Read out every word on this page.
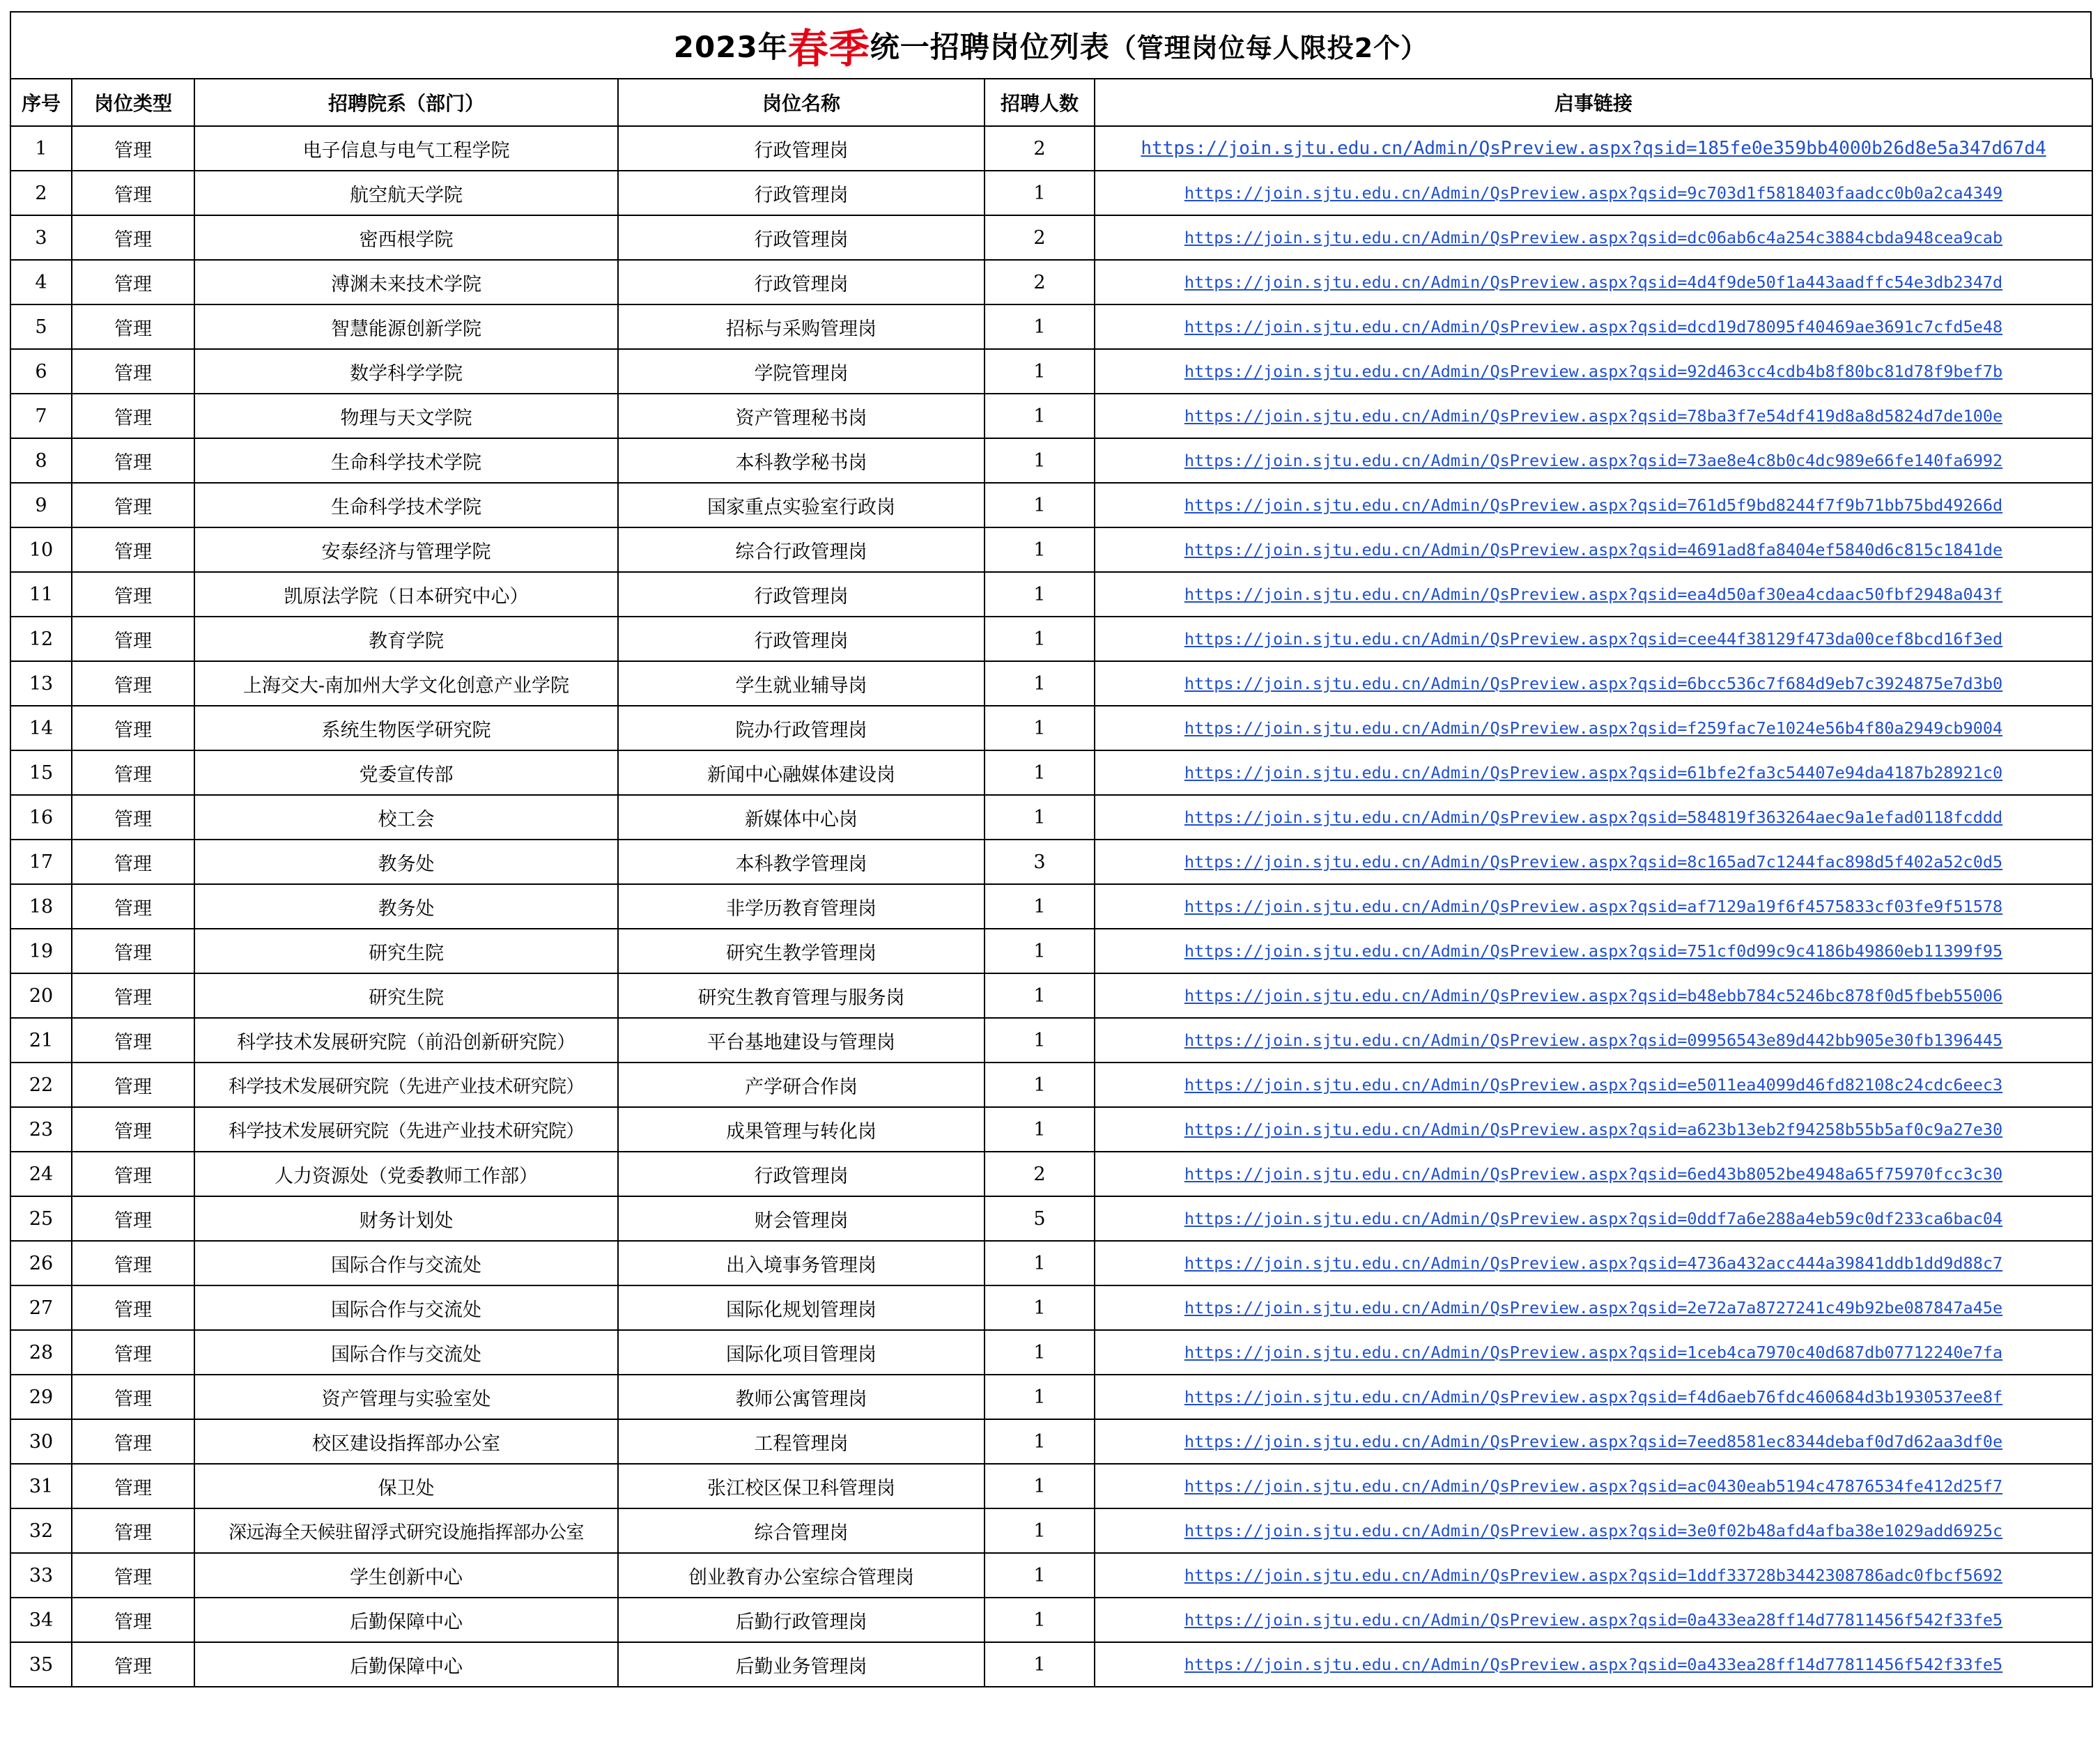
2023年 春季 统一招聘岗位列表 （管理岗位每人限投2个）
序号	岗位类型	招聘院系（部门）	岗位名称	招聘人数	启事链接
1	管理	电子信息与电气工程学院	行政管理岗	2	https://join.sjtu.edu.cn/Admin/QsPreview.aspx?qsid=185fe0e359bb4000b26d8e5a347d67d4
2	管理	航空航天学院	行政管理岗	1	https://join.sjtu.edu.cn/Admin/QsPreview.aspx?qsid=9c703d1f5818403faadcc0b0a2ca4349
3	管理	密西根学院	行政管理岗	2	https://join.sjtu.edu.cn/Admin/QsPreview.aspx?qsid=dc06ab6c4a254c3884cbda948cea9cab
4	管理	溥渊未来技术学院	行政管理岗	2	https://join.sjtu.edu.cn/Admin/QsPreview.aspx?qsid=4d4f9de50f1a443aadffc54e3db2347d
5	管理	智慧能源创新学院	招标与采购管理岗	1	https://join.sjtu.edu.cn/Admin/QsPreview.aspx?qsid=dcd19d78095f40469ae3691c7cfd5e48
6	管理	数学科学学院	学院管理岗	1	https://join.sjtu.edu.cn/Admin/QsPreview.aspx?qsid=92d463cc4cdb4b8f80bc81d78f9bef7b
7	管理	物理与天文学院	资产管理秘书岗	1	https://join.sjtu.edu.cn/Admin/QsPreview.aspx?qsid=78ba3f7e54df419d8a8d5824d7de100e
8	管理	生命科学技术学院	本科教学秘书岗	1	https://join.sjtu.edu.cn/Admin/QsPreview.aspx?qsid=73ae8e4c8b0c4dc989e66fe140fa6992
9	管理	生命科学技术学院	国家重点实验室行政岗	1	https://join.sjtu.edu.cn/Admin/QsPreview.aspx?qsid=761d5f9bd8244f7f9b71bb75bd49266d
10	管理	安泰经济与管理学院	综合行政管理岗	1	https://join.sjtu.edu.cn/Admin/QsPreview.aspx?qsid=4691ad8fa8404ef5840d6c815c1841de
11	管理	凯原法学院（日本研究中心）	行政管理岗	1	https://join.sjtu.edu.cn/Admin/QsPreview.aspx?qsid=ea4d50af30ea4cdaac50fbf2948a043f
12	管理	教育学院	行政管理岗	1	https://join.sjtu.edu.cn/Admin/QsPreview.aspx?qsid=cee44f38129f473da00cef8bcd16f3ed
13	管理	上海交大-南加州大学文化创意产业学院	学生就业辅导岗	1	https://join.sjtu.edu.cn/Admin/QsPreview.aspx?qsid=6bcc536c7f684d9eb7c3924875e7d3b0
14	管理	系统生物医学研究院	院办行政管理岗	1	https://join.sjtu.edu.cn/Admin/QsPreview.aspx?qsid=f259fac7e1024e56b4f80a2949cb9004
15	管理	党委宣传部	新闻中心融媒体建设岗	1	https://join.sjtu.edu.cn/Admin/QsPreview.aspx?qsid=61bfe2fa3c54407e94da4187b28921c0
16	管理	校工会	新媒体中心岗	1	https://join.sjtu.edu.cn/Admin/QsPreview.aspx?qsid=584819f363264aec9a1efad0118fcddd
17	管理	教务处	本科教学管理岗	3	https://join.sjtu.edu.cn/Admin/QsPreview.aspx?qsid=8c165ad7c1244fac898d5f402a52c0d5
18	管理	教务处	非学历教育管理岗	1	https://join.sjtu.edu.cn/Admin/QsPreview.aspx?qsid=af7129a19f6f4575833cf03fe9f51578
19	管理	研究生院	研究生教学管理岗	1	https://join.sjtu.edu.cn/Admin/QsPreview.aspx?qsid=751cf0d99c9c4186b49860eb11399f95
20	管理	研究生院	研究生教育管理与服务岗	1	https://join.sjtu.edu.cn/Admin/QsPreview.aspx?qsid=b48ebb784c5246bc878f0d5fbeb55006
21	管理	科学技术发展研究院（前沿创新研究院）	平台基地建设与管理岗	1	https://join.sjtu.edu.cn/Admin/QsPreview.aspx?qsid=09956543e89d442bb905e30fb1396445
22	管理	科学技术发展研究院（先进产业技术研究院）	产学研合作岗	1	https://join.sjtu.edu.cn/Admin/QsPreview.aspx?qsid=e5011ea4099d46fd82108c24cdc6eec3
23	管理	科学技术发展研究院（先进产业技术研究院）	成果管理与转化岗	1	https://join.sjtu.edu.cn/Admin/QsPreview.aspx?qsid=a623b13eb2f94258b55b5af0c9a27e30
24	管理	人力资源处（党委教师工作部）	行政管理岗	2	https://join.sjtu.edu.cn/Admin/QsPreview.aspx?qsid=6ed43b8052be4948a65f75970fcc3c30
25	管理	财务计划处	财会管理岗	5	https://join.sjtu.edu.cn/Admin/QsPreview.aspx?qsid=0ddf7a6e288a4eb59c0df233ca6bac04
26	管理	国际合作与交流处	出入境事务管理岗	1	https://join.sjtu.edu.cn/Admin/QsPreview.aspx?qsid=4736a432acc444a39841ddb1dd9d88c7
27	管理	国际合作与交流处	国际化规划管理岗	1	https://join.sjtu.edu.cn/Admin/QsPreview.aspx?qsid=2e72a7a8727241c49b92be087847a45e
28	管理	国际合作与交流处	国际化项目管理岗	1	https://join.sjtu.edu.cn/Admin/QsPreview.aspx?qsid=1ceb4ca7970c40d687db07712240e7fa
29	管理	资产管理与实验室处	教师公寓管理岗	1	https://join.sjtu.edu.cn/Admin/QsPreview.aspx?qsid=f4d6aeb76fdc460684d3b1930537ee8f
30	管理	校区建设指挥部办公室	工程管理岗	1	https://join.sjtu.edu.cn/Admin/QsPreview.aspx?qsid=7eed8581ec8344debaf0d7d62aa3df0e
31	管理	保卫处	张江校区保卫科管理岗	1	https://join.sjtu.edu.cn/Admin/QsPreview.aspx?qsid=ac0430eab5194c47876534fe412d25f7
32	管理	深远海全天候驻留浮式研究设施指挥部办公室	综合管理岗	1	https://join.sjtu.edu.cn/Admin/QsPreview.aspx?qsid=3e0f02b48afd4afba38e1029add6925c
33	管理	学生创新中心	创业教育办公室综合管理岗	1	https://join.sjtu.edu.cn/Admin/QsPreview.aspx?qsid=1ddf33728b3442308786adc0fbcf5692
34	管理	后勤保障中心	后勤行政管理岗	1	https://join.sjtu.edu.cn/Admin/QsPreview.aspx?qsid=0a433ea28ff14d77811456f542f33fe5
35	管理	后勤保障中心	后勤业务管理岗	1	https://join.sjtu.edu.cn/Admin/QsPreview.aspx?qsid=0a433ea28ff14d77811456f542f33fe5
